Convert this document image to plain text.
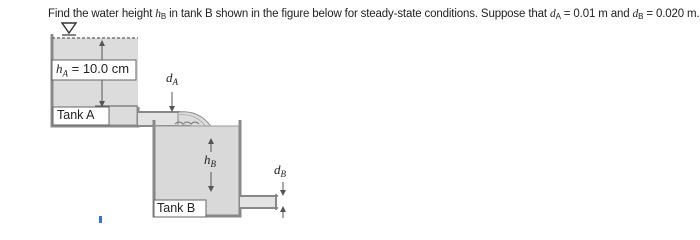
Find the water height $h_B$ in tank B shown in the figure below for steady-state conditions. Suppose that $d_A = 0.01$ m and $d_B = 0.020$ m.
$h_A = 10.0$ cm
Tank A
$d_A$
$h_B$	$d_B$
Tank B
